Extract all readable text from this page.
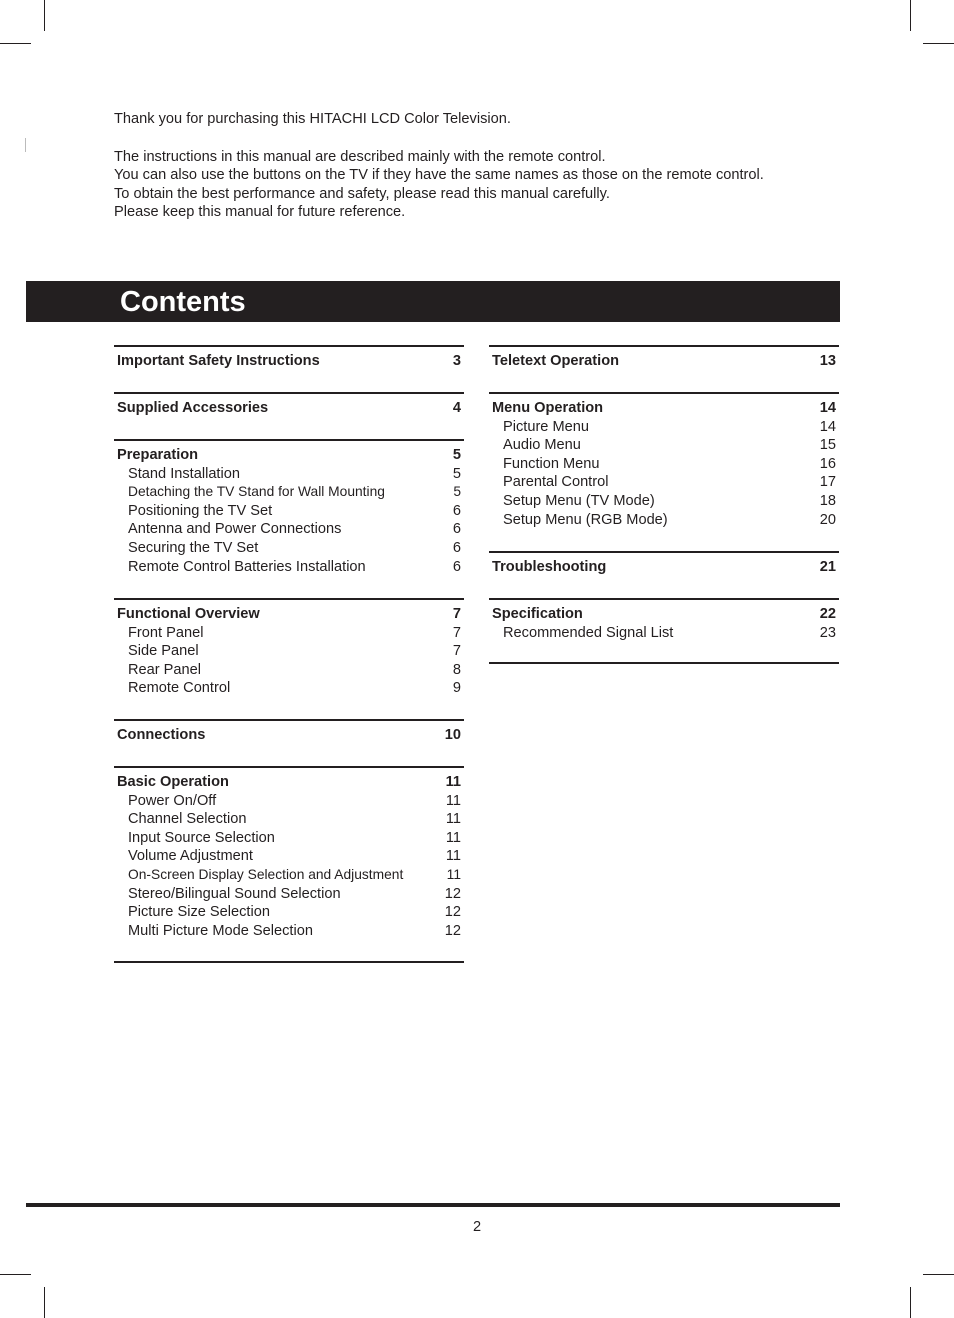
Thank you for purchasing this HITACHI LCD Color Television.

The instructions in this manual are described mainly with the remote control.

You can also use the buttons on the TV if they have the same names as those on the remote control.

To obtain the best performance and safety, please read this manual carefully.

Please keep this manual for future reference.

Contents
Important Safety Instructions	3
Supplied Accessories	4
Preparation	5
Stand Installation	5
Detaching the TV Stand for Wall Mounting	5
Positioning the TV Set	6
Antenna and Power Connections	6
Securing the TV Set	6
Remote Control Batteries Installation	6
Functional Overview	7
Front Panel	7
Side Panel	7
Rear Panel	8
Remote Control	9
Connections	10
Basic Operation	11
Power On/Off	11
Channel Selection	11
Input Source Selection	11
Volume Adjustment	11
On-Screen Display Selection and Adjustment	11
Stereo/Bilingual Sound Selection	12
Picture Size Selection	12
Multi Picture Mode Selection	12
Teletext Operation	13
Menu Operation	14
Picture Menu	14
Audio Menu	15
Function Menu	16
Parental Control	17
Setup Menu (TV Mode)	18
Setup Menu (RGB Mode)	20
Troubleshooting	21
Specification	22
Recommended Signal List	23
2
